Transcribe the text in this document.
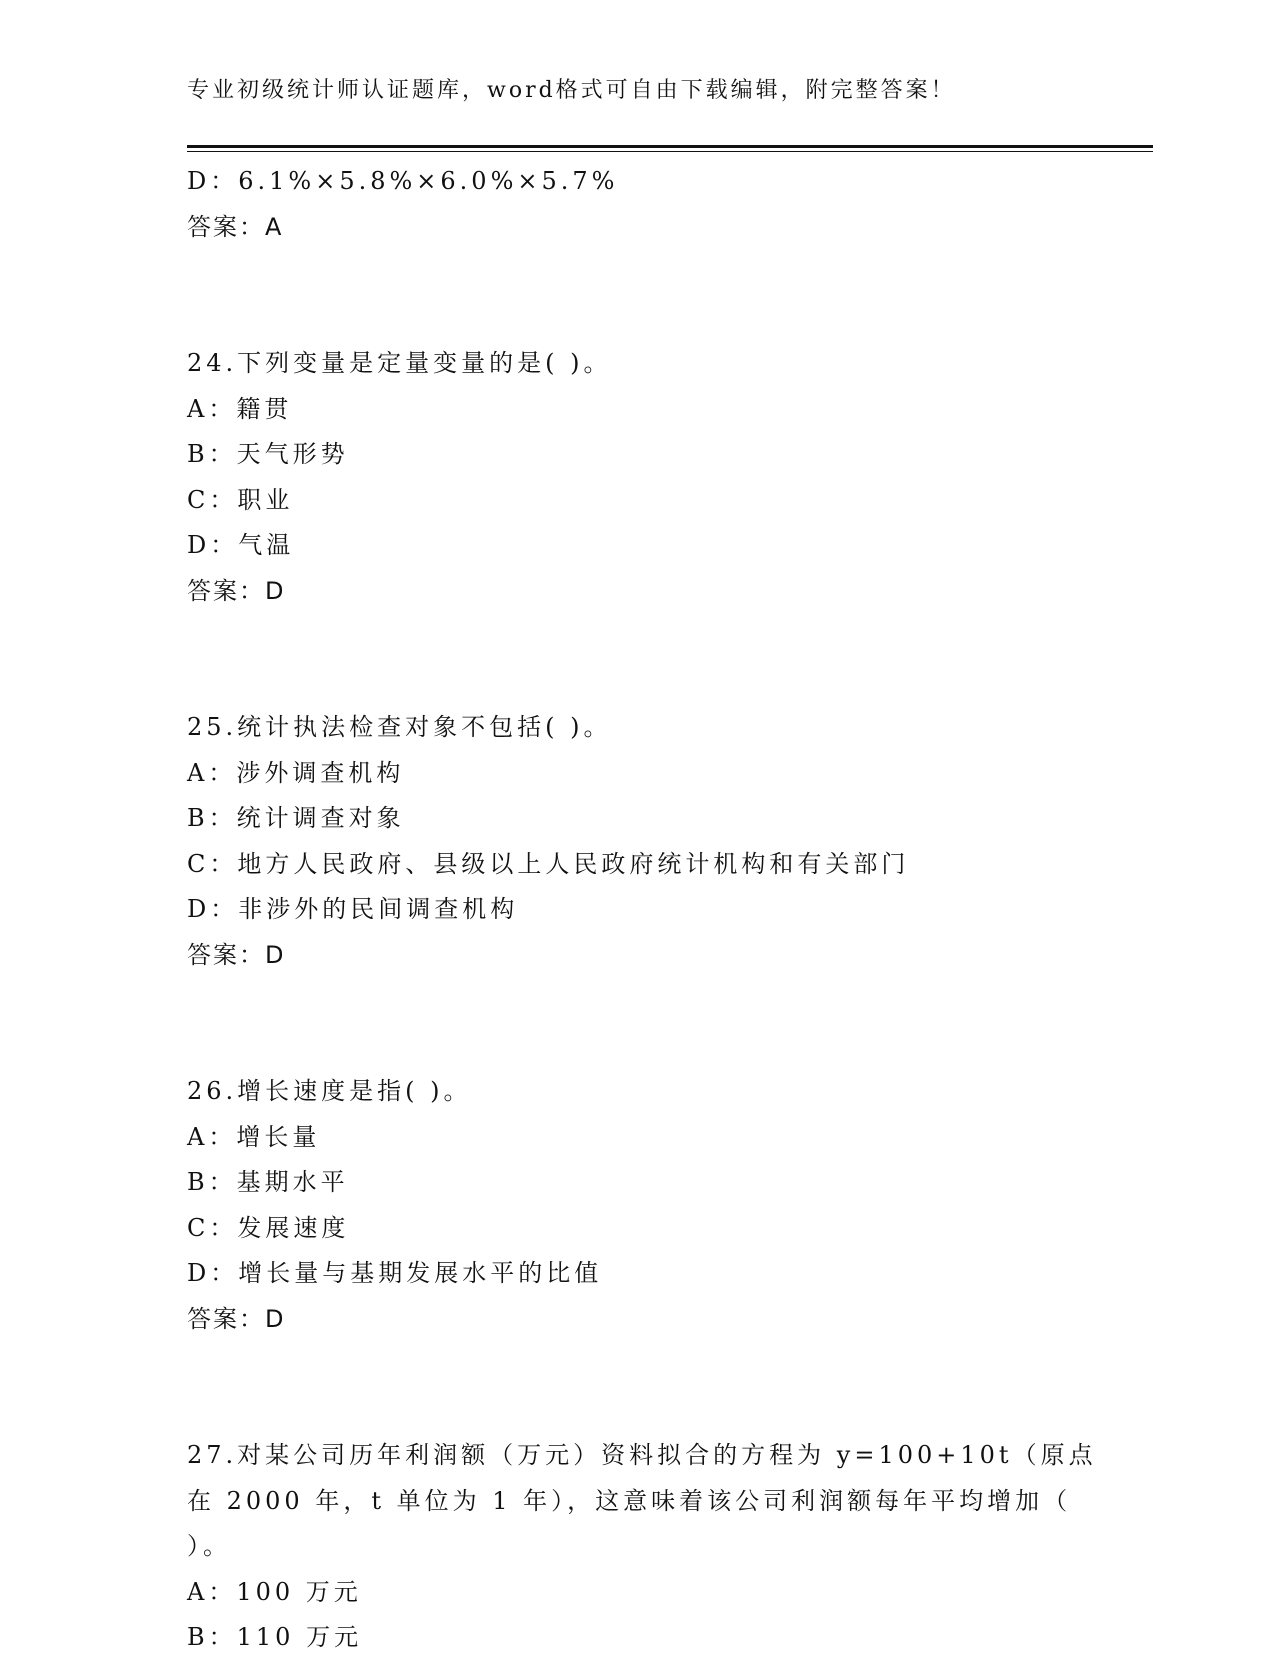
专业初级统计师认证题库，word格式可自由下载编辑，附完整答案！
D：6.1%×5.8%×6.0%×5.7%
答案：A
24.下列变量是定量变量的是( )。
A：籍贯
B：天气形势
C：职业
D：气温
答案：D
25.统计执法检查对象不包括( )。
A：涉外调查机构
B：统计调查对象
C：地方人民政府、县级以上人民政府统计机构和有关部门
D：非涉外的民间调查机构
答案：D
26.增长速度是指( )。
A：增长量
B：基期水平
C：发展速度
D：增长量与基期发展水平的比值
答案：D
27.对某公司历年利润额（万元）资料拟合的方程为 y=100+10t（原点
在 2000 年，t 单位为 1 年），这意味着该公司利润额每年平均增加（
）。
A：100 万元
B：110 万元
